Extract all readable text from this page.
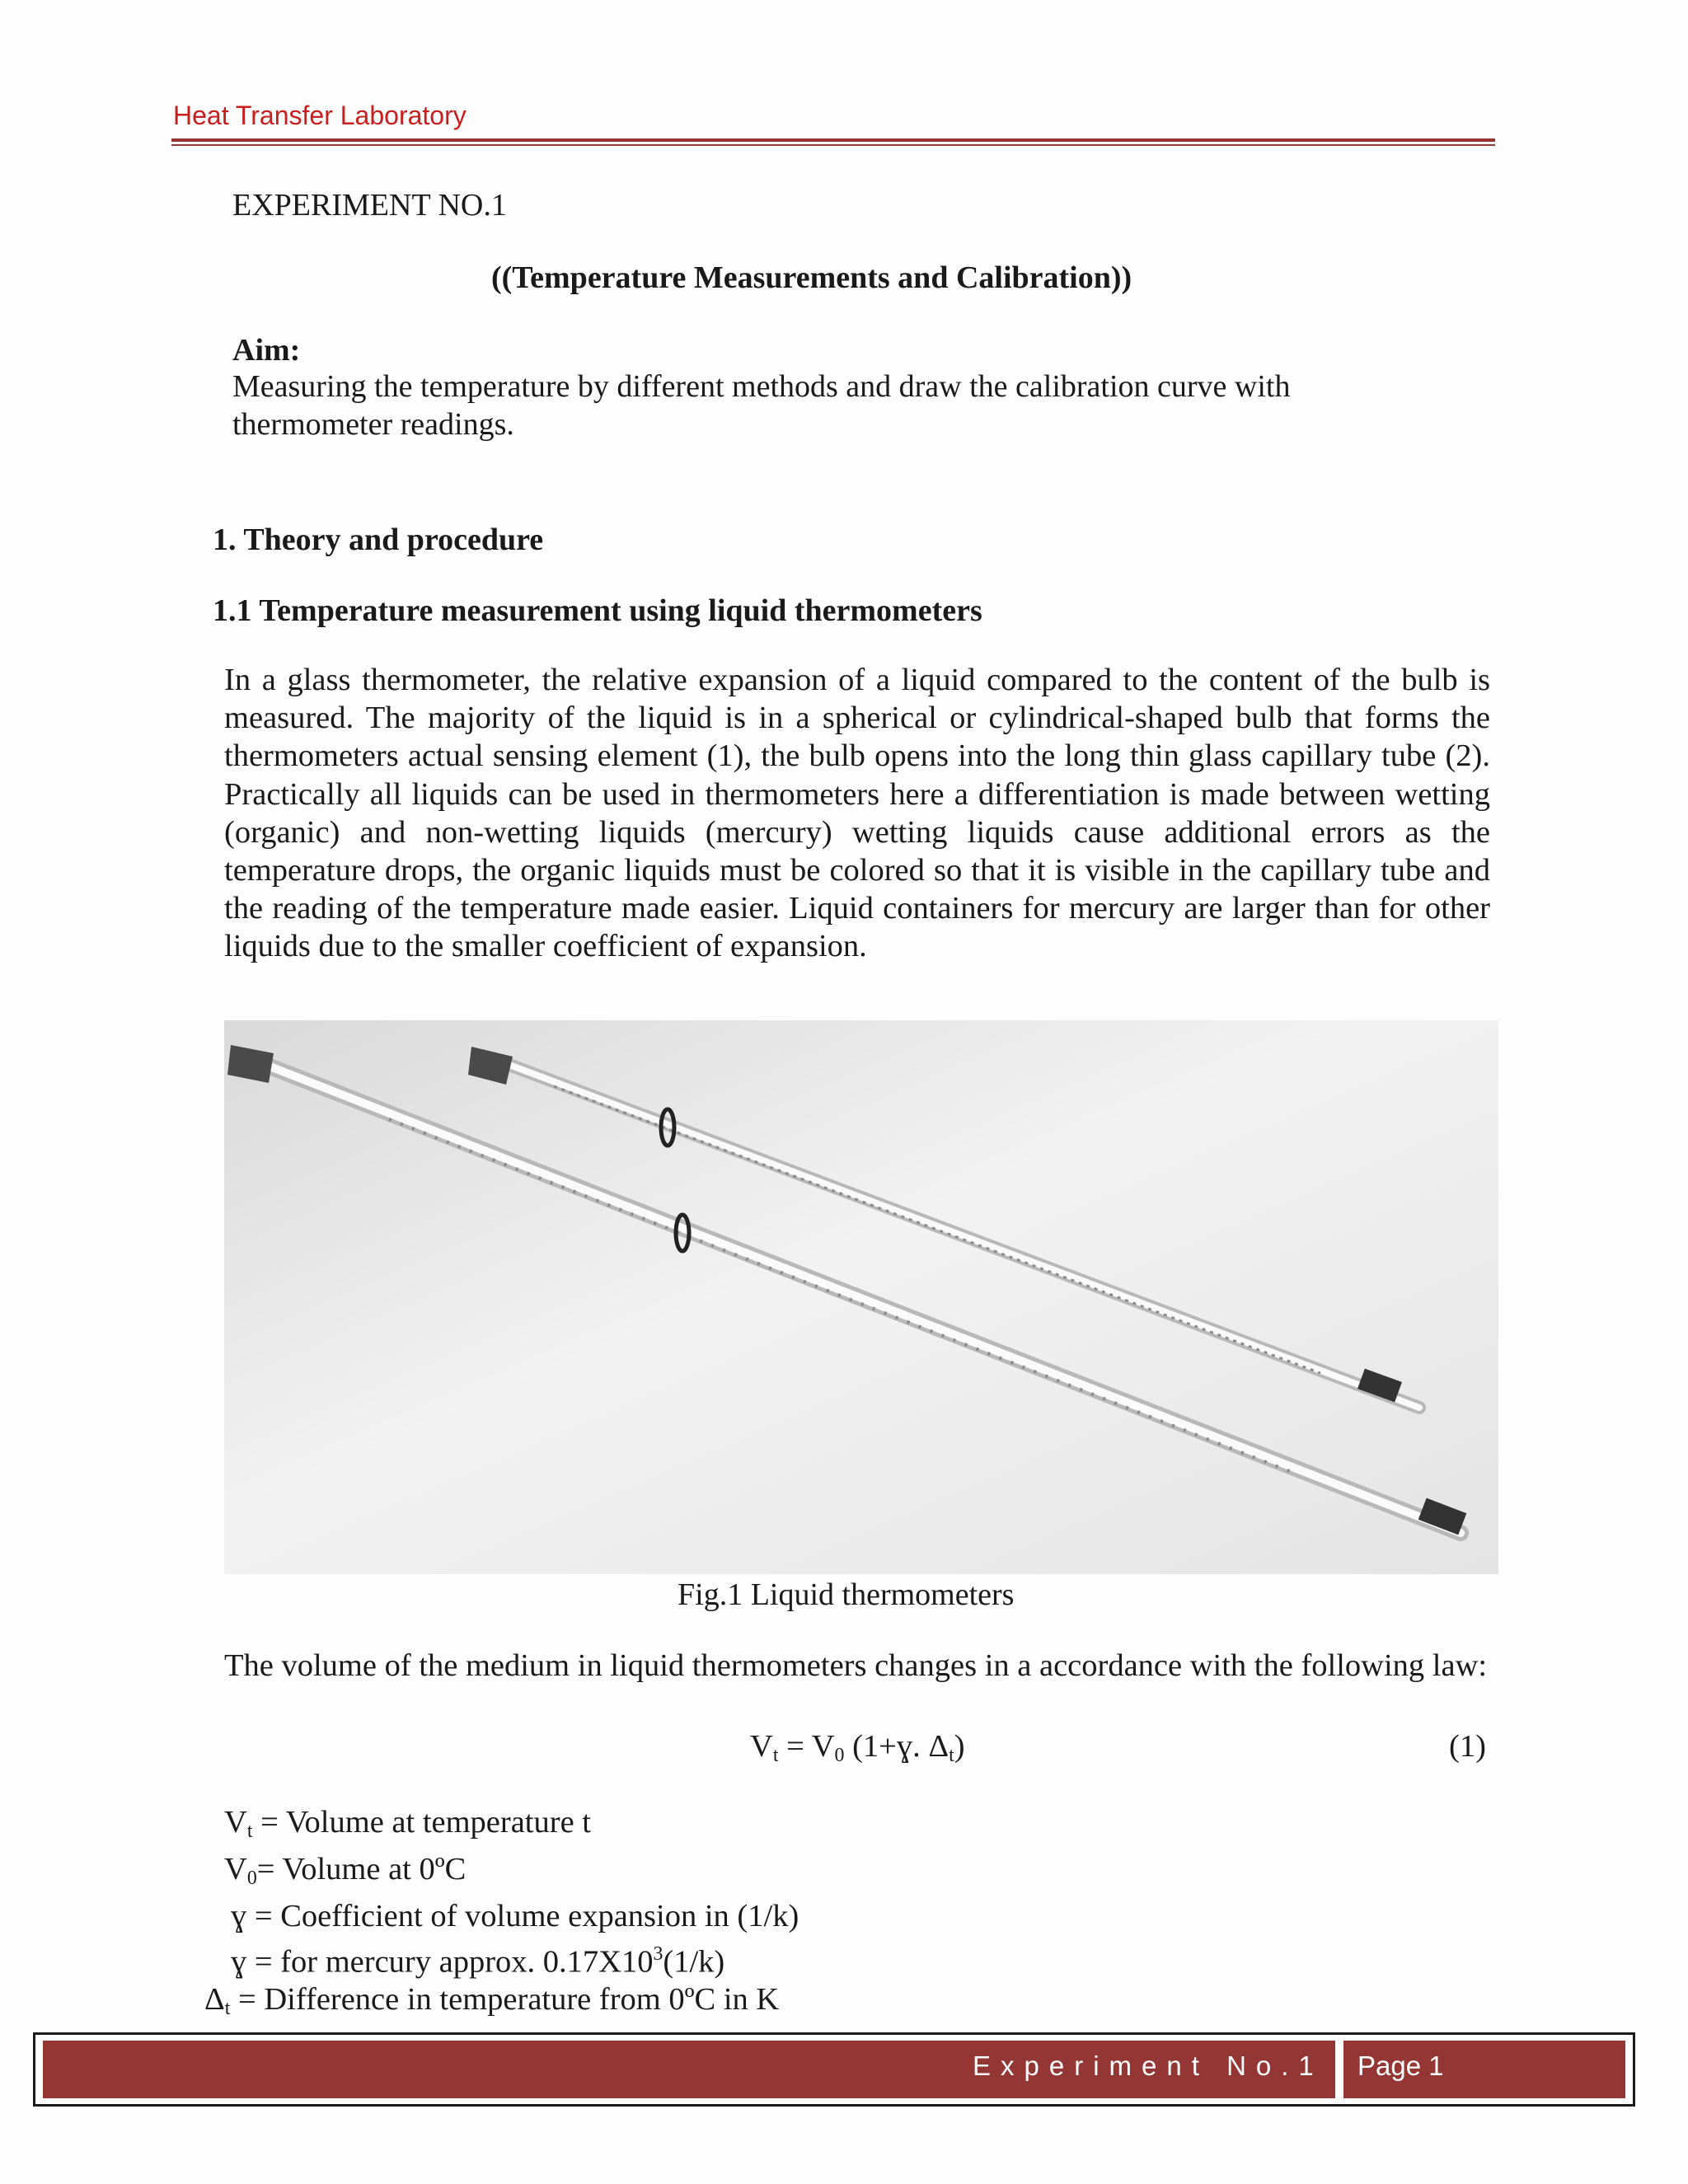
Heat Transfer Laboratory
EXPERIMENT NO.1
((Temperature Measurements and Calibration))
Aim:
Measuring the temperature by different methods and draw the calibration curve with
thermometer readings.
1. Theory and procedure
1.1 Temperature measurement using liquid thermometers
In a glass thermometer, the relative expansion of a liquid compared to the content of the bulb is measured. The majority of the liquid is in a spherical or cylindrical-shaped bulb that forms the thermometers actual sensing element (1), the bulb opens into the long thin glass capillary tube (2). Practically all liquids can be used in thermometers here a differentiation is made between wetting (organic) and non-wetting liquids (mercury) wetting liquids cause additional errors as the temperature drops, the organic liquids must be colored so that it is visible in the capillary tube and the reading of the temperature made easier. Liquid containers for mercury are larger than for other liquids due to the smaller coefficient of expansion.
Fig.1 Liquid thermometers
The volume of the medium in liquid thermometers changes in a accordance with the following law:
$V_t = V_0$ (1+ɣ. $\Delta_t$)	(1)
$V_t$ = Volume at temperature t
$V_0=$ Volume at 0ºC
ɣ = Coefficient of volume expansion in (1/k)
ɣ = for mercury approx. $0.17X10^3(1/k)$
$\Delta_t$ = Difference in temperature from 0ºC in K
Experiment No.1 Page 1
